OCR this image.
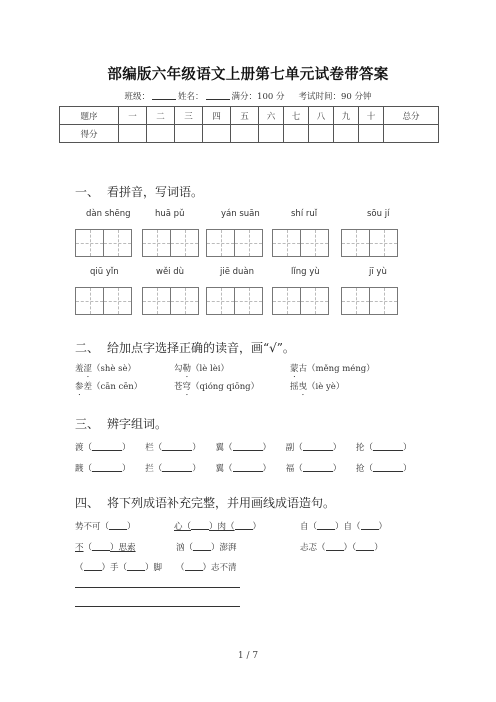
部编版六年级语文上册第七单元试卷带答案
班级：	姓名：	满分：100 分 考试时间：90 分钟
题序	一	二	三	四	五	六	七	八	九	十	总分
得分											
一、 看拼音，写词语。
dàn shēng	huā pǔ	yán suān	shí ruǐ	sōu jí
qiū yǐn	wěi dù	jiē duàn	lǐng yù	jī yù
二、 给加点字选择正确的读音，画“√”。
羞涩（shè sè）	勾勒（lè lèi）	蒙古（měng méng）
参差（cān cēn）	苍穹（qióng qiōng）	摇曳（iè yè）
三、 辨字组词。
渡（	） 栏（	） 翼（	） 副（	） 抡（	）
踱（	） 拦（	） 翼（	） 福（	） 抢（	）
四、 将下列成语补充完整，并用画线成语造句。
势不可（ ）	心（ ）肉（ ）	自（ ）自（ ）
不（ ）思索	汹（ ）澎湃	忐忑（ ）（ ）
（ ）手（ ）脚 （ ）志不清
1 / 7
